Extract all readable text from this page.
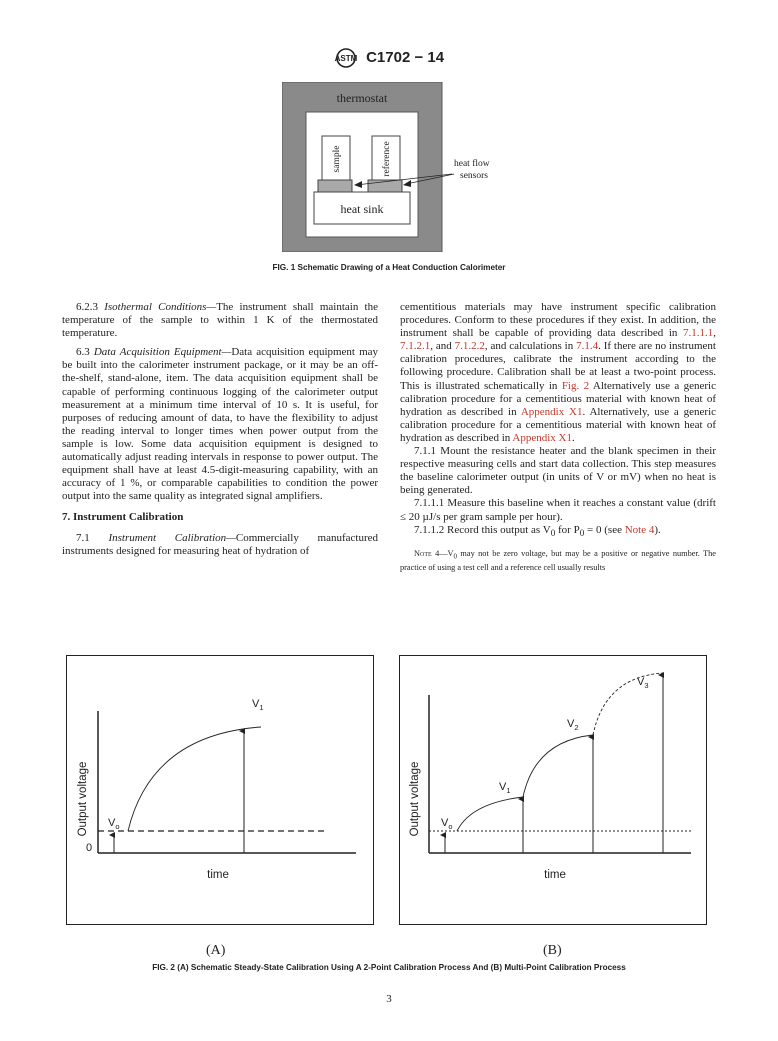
ASTM C1702 − 14
thermostat
sample	reference
heat sink
heat flow
sensors
FIG. 1 Schematic Drawing of a Heat Conduction Calorimeter

6.2.3 Isothermal Conditions—The instrument shall maintain the temperature of the sample to within 1 K of the thermostated temperature.

6.3 Data Acquisition Equipment—Data acquisition equipment may be built into the calorimeter instrument package, or it may be an off-the-shelf, stand-alone, item. The data acquisition equipment shall be capable of performing continuous logging of the calorimeter output measurement at a minimum time interval of 10 s. It is useful, for purposes of reducing amount of data, to have the flexibility to adjust the reading interval to longer times when power output from the sample is low. Some data acquisition equipment is designed to automatically adjust reading intervals in response to power output. The equipment shall have at least 4.5-digit-measuring capability, with an accuracy of 1 %, or comparable capabilities to condition the power output into the same quality as integrated signal amplifiers.

7. Instrument Calibration

7.1 Instrument Calibration—Commercially manufactured instruments designed for measuring heat of hydration of

cementitious materials may have instrument specific calibration procedures. Conform to these procedures if they exist. In addition, the instrument shall be capable of providing data described in 7.1.1.1, 7.1.2.1, and 7.1.2.2, and calculations in 7.1.4. If there are no instrument calibration procedures, calibrate the instrument according to the following procedure. Calibration shall be at least a two-point process. This is illustrated schematically in Fig. 2 Alternatively use a generic calibration procedure for a cementitious material with known heat of hydration as described in Appendix X1. Alternatively, use a generic calibration procedure for a cementitious material with known heat of hydration as described in Appendix X1.

7.1.1 Mount the resistance heater and the blank specimen in their respective measuring cells and start data collection. This step measures the baseline calorimeter output (in units of V or mV) when no heat is being generated.

7.1.1.1 Measure this baseline when it reaches a constant value (drift ≤ 20 µJ/s per gram sample per hour).

7.1.1.2 Record this output as $V_0$ for $P_0 = 0$ (see Note 4).

Note $4—V_0$ may not be zero voltage, but may be a positive or negative number. The practice of using a test cell and a reference cell usually results
Output voltage
time
0
$V_o$
$V_1$
Output voltage
time
$V_o$
$V_1$
$V_2$
$V_3$
(A)	(B)
FIG. 2 (A) Schematic Steady-State Calibration Using A 2-Point Calibration Process And (B) Multi-Point Calibration Process
3
